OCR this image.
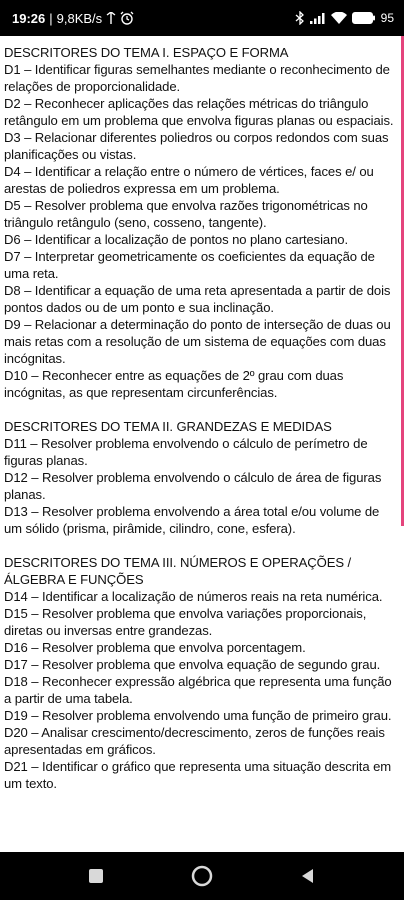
19:26 | 9,8KB/s	95
DESCRITORES DO TEMA I. ESPAÇO E FORMA
D1 – Identificar figuras semelhantes mediante o reconhecimento de relações de proporcionalidade.
D2 – Reconhecer aplicações das relações métricas do triângulo retângulo em um problema que envolva figuras planas ou espaciais.
D3 – Relacionar diferentes poliedros ou corpos redondos com suas planificações ou vistas.
D4 – Identificar a relação entre o número de vértices, faces e/ ou arestas de poliedros expressa em um problema.
D5 – Resolver problema que envolva razões trigonométricas no triângulo retângulo (seno, cosseno, tangente).
D6 – Identificar a localização de pontos no plano cartesiano.
D7 – Interpretar geometricamente os coeficientes da equação de uma reta.
D8 – Identificar a equação de uma reta apresentada a partir de dois pontos dados ou de um ponto e sua inclinação.
D9 – Relacionar a determinação do ponto de interseção de duas ou mais retas com a resolução de um sistema de equações com duas incógnitas.
D10 – Reconhecer entre as equações de 2º grau com duas incógnitas, as que representam circunferências.
DESCRITORES DO TEMA II. GRANDEZAS E MEDIDAS
D11 – Resolver problema envolvendo o cálculo de perímetro de figuras planas.
D12 – Resolver problema envolvendo o cálculo de área de figuras planas.
D13 – Resolver problema envolvendo a área total e/ou volume de um sólido (prisma, pirâmide, cilindro, cone, esfera).
DESCRITORES DO TEMA III. NÚMEROS E OPERAÇÕES / ÁLGEBRA E FUNÇÕES
D14 – Identificar a localização de números reais na reta numérica.
D15 – Resolver problema que envolva variações proporcionais, diretas ou inversas entre grandezas.
D16 – Resolver problema que envolva porcentagem.
D17 – Resolver problema que envolva equação de segundo grau.
D18 – Reconhecer expressão algébrica que representa uma função a partir de uma tabela.
D19 – Resolver problema envolvendo uma função de primeiro grau.
D20 – Analisar crescimento/decrescimento, zeros de funções reais apresentadas em gráficos.
D21 – Identificar o gráfico que representa uma situação descrita em um texto.
